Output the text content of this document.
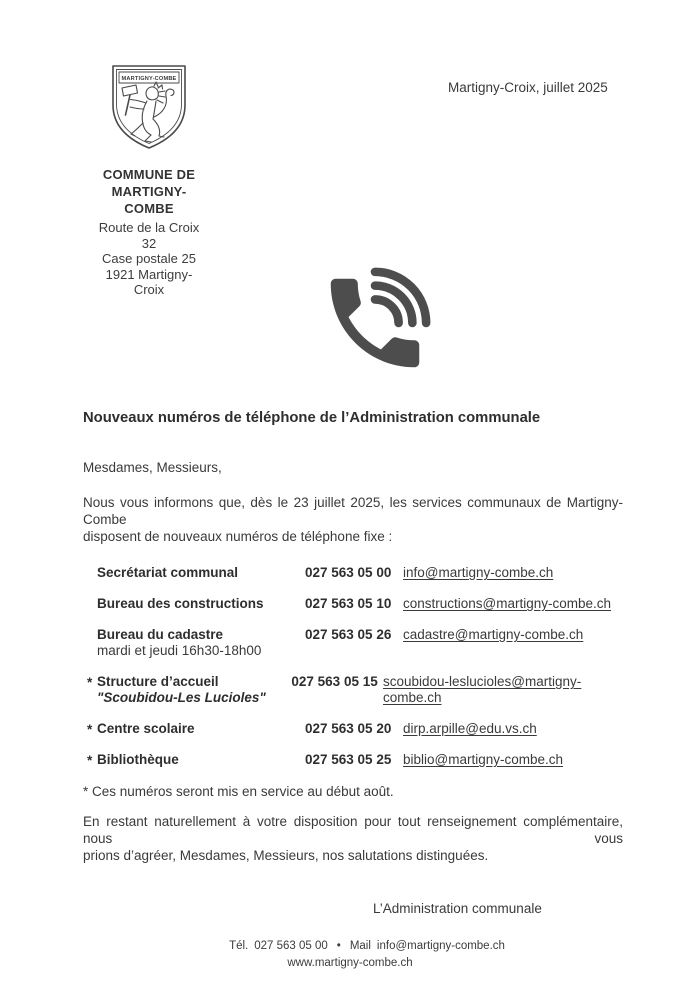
MARTIGNY-COMBE
COMMUNE DE
MARTIGNY-COMBE
Route de la Croix 32
Case postale 25
1921 Martigny-Croix
Martigny-Croix, juillet 2025
Nouveaux numéros de téléphone de l’Administration communale
Mesdames, Messieurs,
Nous vous informons que, dès le 23 juillet 2025, les services communaux de Martigny-Combe
disposent de nouveaux numéros de téléphone fixe :
Secrétariat communal	027 563 05 00 info@martigny-combe.ch
Bureau des constructions	027 563 05 10 constructions@martigny-combe.ch
Bureau du cadastre
mardi et jeudi 16h30-18h00
027 563 05 26 cadastre@martigny-combe.ch
* Structure d’accueil
"Scoubidou-Les Lucioles"
027 563 05 15 scoubidou-leslucioles@martigny-combe.ch
* Centre scolaire	027 563 05 20 dirp.arpille@edu.vs.ch
* Bibliothèque	027 563 05 25 biblio@martigny-combe.ch
* Ces numéros seront mis en service au début août.
En restant naturellement à votre disposition pour tout renseignement complémentaire, nous vous
prions d’agréer, Mesdames, Messieurs, nos salutations distinguées.
L’Administration communale
Tél. 027 563 05 00 • Mail info@martigny-combe.ch
www.martigny-combe.ch
